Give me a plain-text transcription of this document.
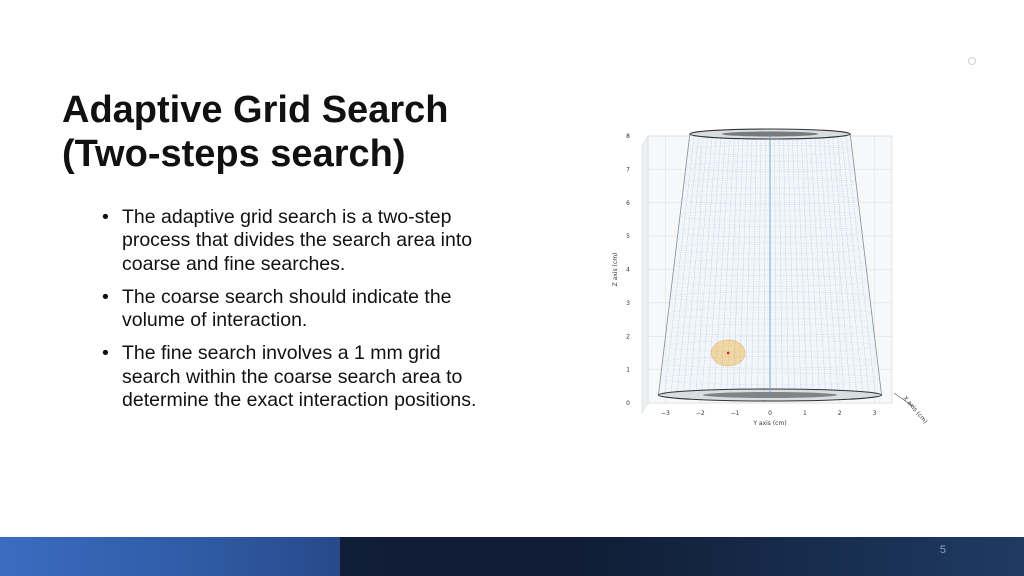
Adaptive Grid Search
(Two-steps search)
• The adaptive grid search is a two-step process that divides the search area into coarse and fine searches.
• The coarse search should indicate the volume of interaction.
• The fine search involves a 1 mm grid search within the coarse search area to determine the exact interaction positions.
−3	−2	−1	0	1	2	3
0
1
2
3
4
5
6
7
8
Y axis (cm)
Z axis (cm)
X axis (cm)
5
